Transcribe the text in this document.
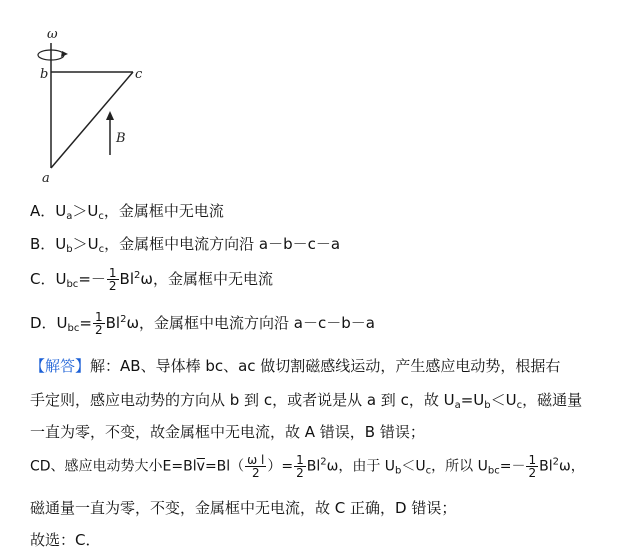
ω
b	c
a
B
A．$U_a>U_c$，金属框中无电流
B．$U_b>U_c$，金属框中电流方向沿 a－b－c－a
C．$U_{bc}=- \frac{1}{2} Bl^2\omega$，金属框中无电流
D．$U_{bc}= \frac{1}{2} Bl^2\omega$，金属框中电流方向沿 a－c－b－a
【解答】解：AB、导体棒 bc、ac 做切割磁感线运动，产生感应电动势，根据右
手定则，感应电动势的方向从 b 到 c，或者说是从 a 到 c，故 $U_a=U_b<U_c$，磁通量
一直为零，不变，故金属框中无电流，故 A 错误，B 错误；
CD、感应电动势大小$E=Bl\overline{v}=Bl( \frac{\text{ω l}}{2}$ ）= $\frac{1}{2} Bl^2\omega$，由于 $U_b<U_c$，所以 $U_{bc}=- \frac{1}{2} Bl^2\omega$，
磁通量一直为零，不变，金属框中无电流，故 C 正确，D 错误；
故选：C．
